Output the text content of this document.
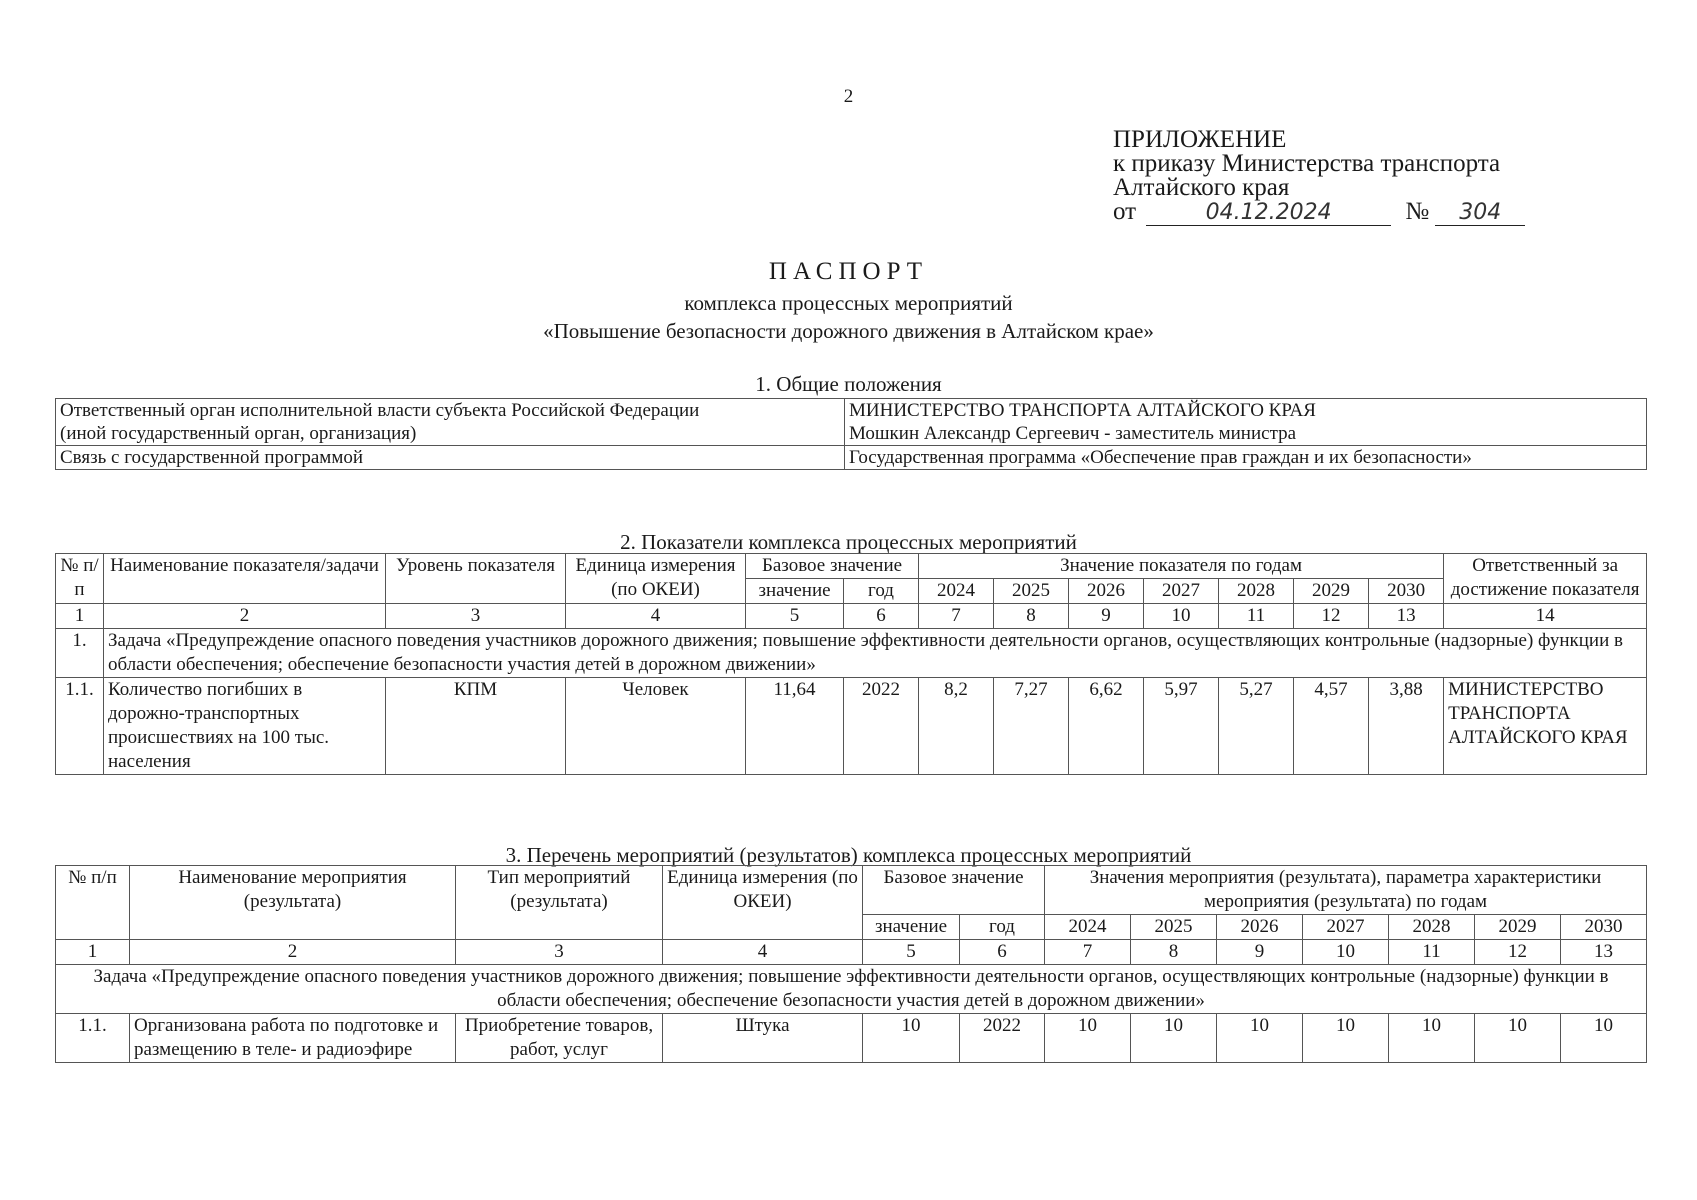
2
ПРИЛОЖЕНИЕ
к приказу Министерства транспорта
Алтайского края
от	04.12.2024	№ 304
ПАСПОРТ
комплекса процессных мероприятий
«Повышение безопасности дорожного движения в Алтайском крае»
1. Общие положения
Ответственный орган исполнительной власти субъекта Российской Федерации	МИНИСТЕРСТВО ТРАНСПОРТА АЛТАЙСКОГО КРАЯ
(иной государственный орган, организация)	Мошкин Александр Сергеевич - заместитель министра
Связь с государственной программой	Государственная программа «Обеспечение прав граждан и их безопасности»
2. Показатели комплекса процессных мероприятий
№ п/п	Наименование показателя/задачи	Уровень показателя	Единица измерения (по ОКЕИ)	Базовое значение		Значение показателя по годам							Ответственный за достижение показателя

				значение	год	2024	2025	2026	2027	2028	2029	2030	
1	2	3	4	5	6	7	8	9	10	11	12	13	14
1.	Задача «Предупреждение опасного поведения участников дорожного движения; повышение эффективности деятельности органов, осуществляющих контрольные (надзорные) функции в области обеспечения; обеспечение безопасности участия детей в дорожном движении»												
1.1.	Количество погибших в дорожно-транспортных происшествиях на 100 тыс. населения	КПМ	Человек	11,64	2022	8,2	7,27	6,62	5,97	5,27	4,57	3,88	МИНИСТЕРСТВО ТРАНСПОРТА АЛТАЙСКОГО КРАЯ
3. Перечень мероприятий (результатов) комплекса процессных мероприятий
№ п/п	Наименование мероприятия (результата)	Тип мероприятий (результата)	Единица измерения (по ОКЕИ)	Базовое значение		Значения мероприятия (результата), параметра характеристики мероприятия (результата) по годам						
				значение	год	2024	2025	2026	2027	2028	2029	2030
1	2	3	4	5	6	7	8	9	10	11	12	13
Задача «Предупреждение опасного поведения участников дорожного движения; повышение эффективности деятельности органов, осуществляющих контрольные (надзорные) функции в области обеспечения; обеспечение безопасности участия детей в дорожном движении»												
1.1.	Организована работа по подготовке и размещению в теле- и радиоэфире	Приобретение товаров, работ, услуг	Штука	10	2022	10	10	10	10	10	10	10
